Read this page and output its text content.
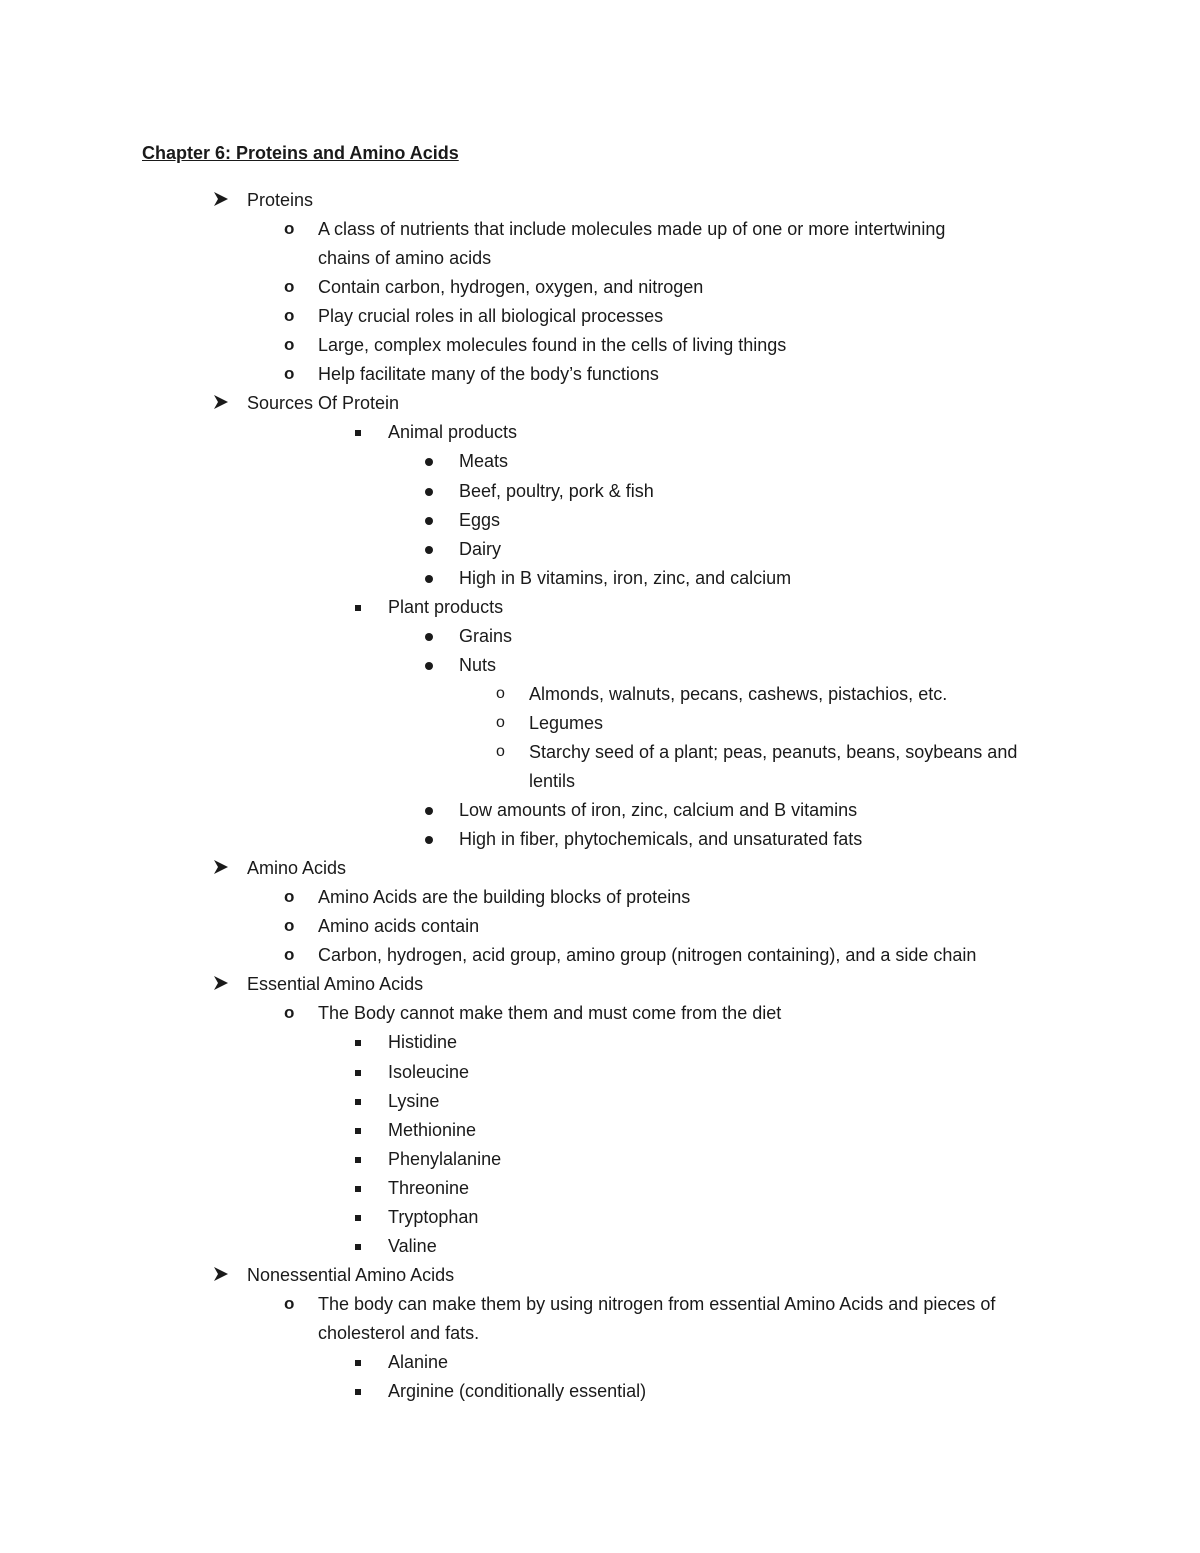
Chapter 6: Proteins and Amino Acids
Proteins
o A class of nutrients that include molecules made up of one or more intertwining
chains of amino acids
o Contain carbon, hydrogen, oxygen, and nitrogen
o Play crucial roles in all biological processes
o Large, complex molecules found in the cells of living things
o Help facilitate many of the body’s functions
Sources Of Protein
Animal products
Meats
Beef, poultry, pork & fish
Eggs
Dairy
High in B vitamins, iron, zinc, and calcium
Plant products
Grains
Nuts
o Almonds, walnuts, pecans, cashews, pistachios, etc.
o Legumes
o Starchy seed of a plant; peas, peanuts, beans, soybeans and
lentils
Low amounts of iron, zinc, calcium and B vitamins
High in fiber, phytochemicals, and unsaturated fats
Amino Acids
o Amino Acids are the building blocks of proteins
o Amino acids contain
o Carbon, hydrogen, acid group, amino group (nitrogen containing), and a side chain
Essential Amino Acids
o The Body cannot make them and must come from the diet
Histidine
Isoleucine
Lysine
Methionine
Phenylalanine
Threonine
Tryptophan
Valine
Nonessential Amino Acids
o The body can make them by using nitrogen from essential Amino Acids and pieces of
cholesterol and fats.
Alanine
Arginine (conditionally essential)
